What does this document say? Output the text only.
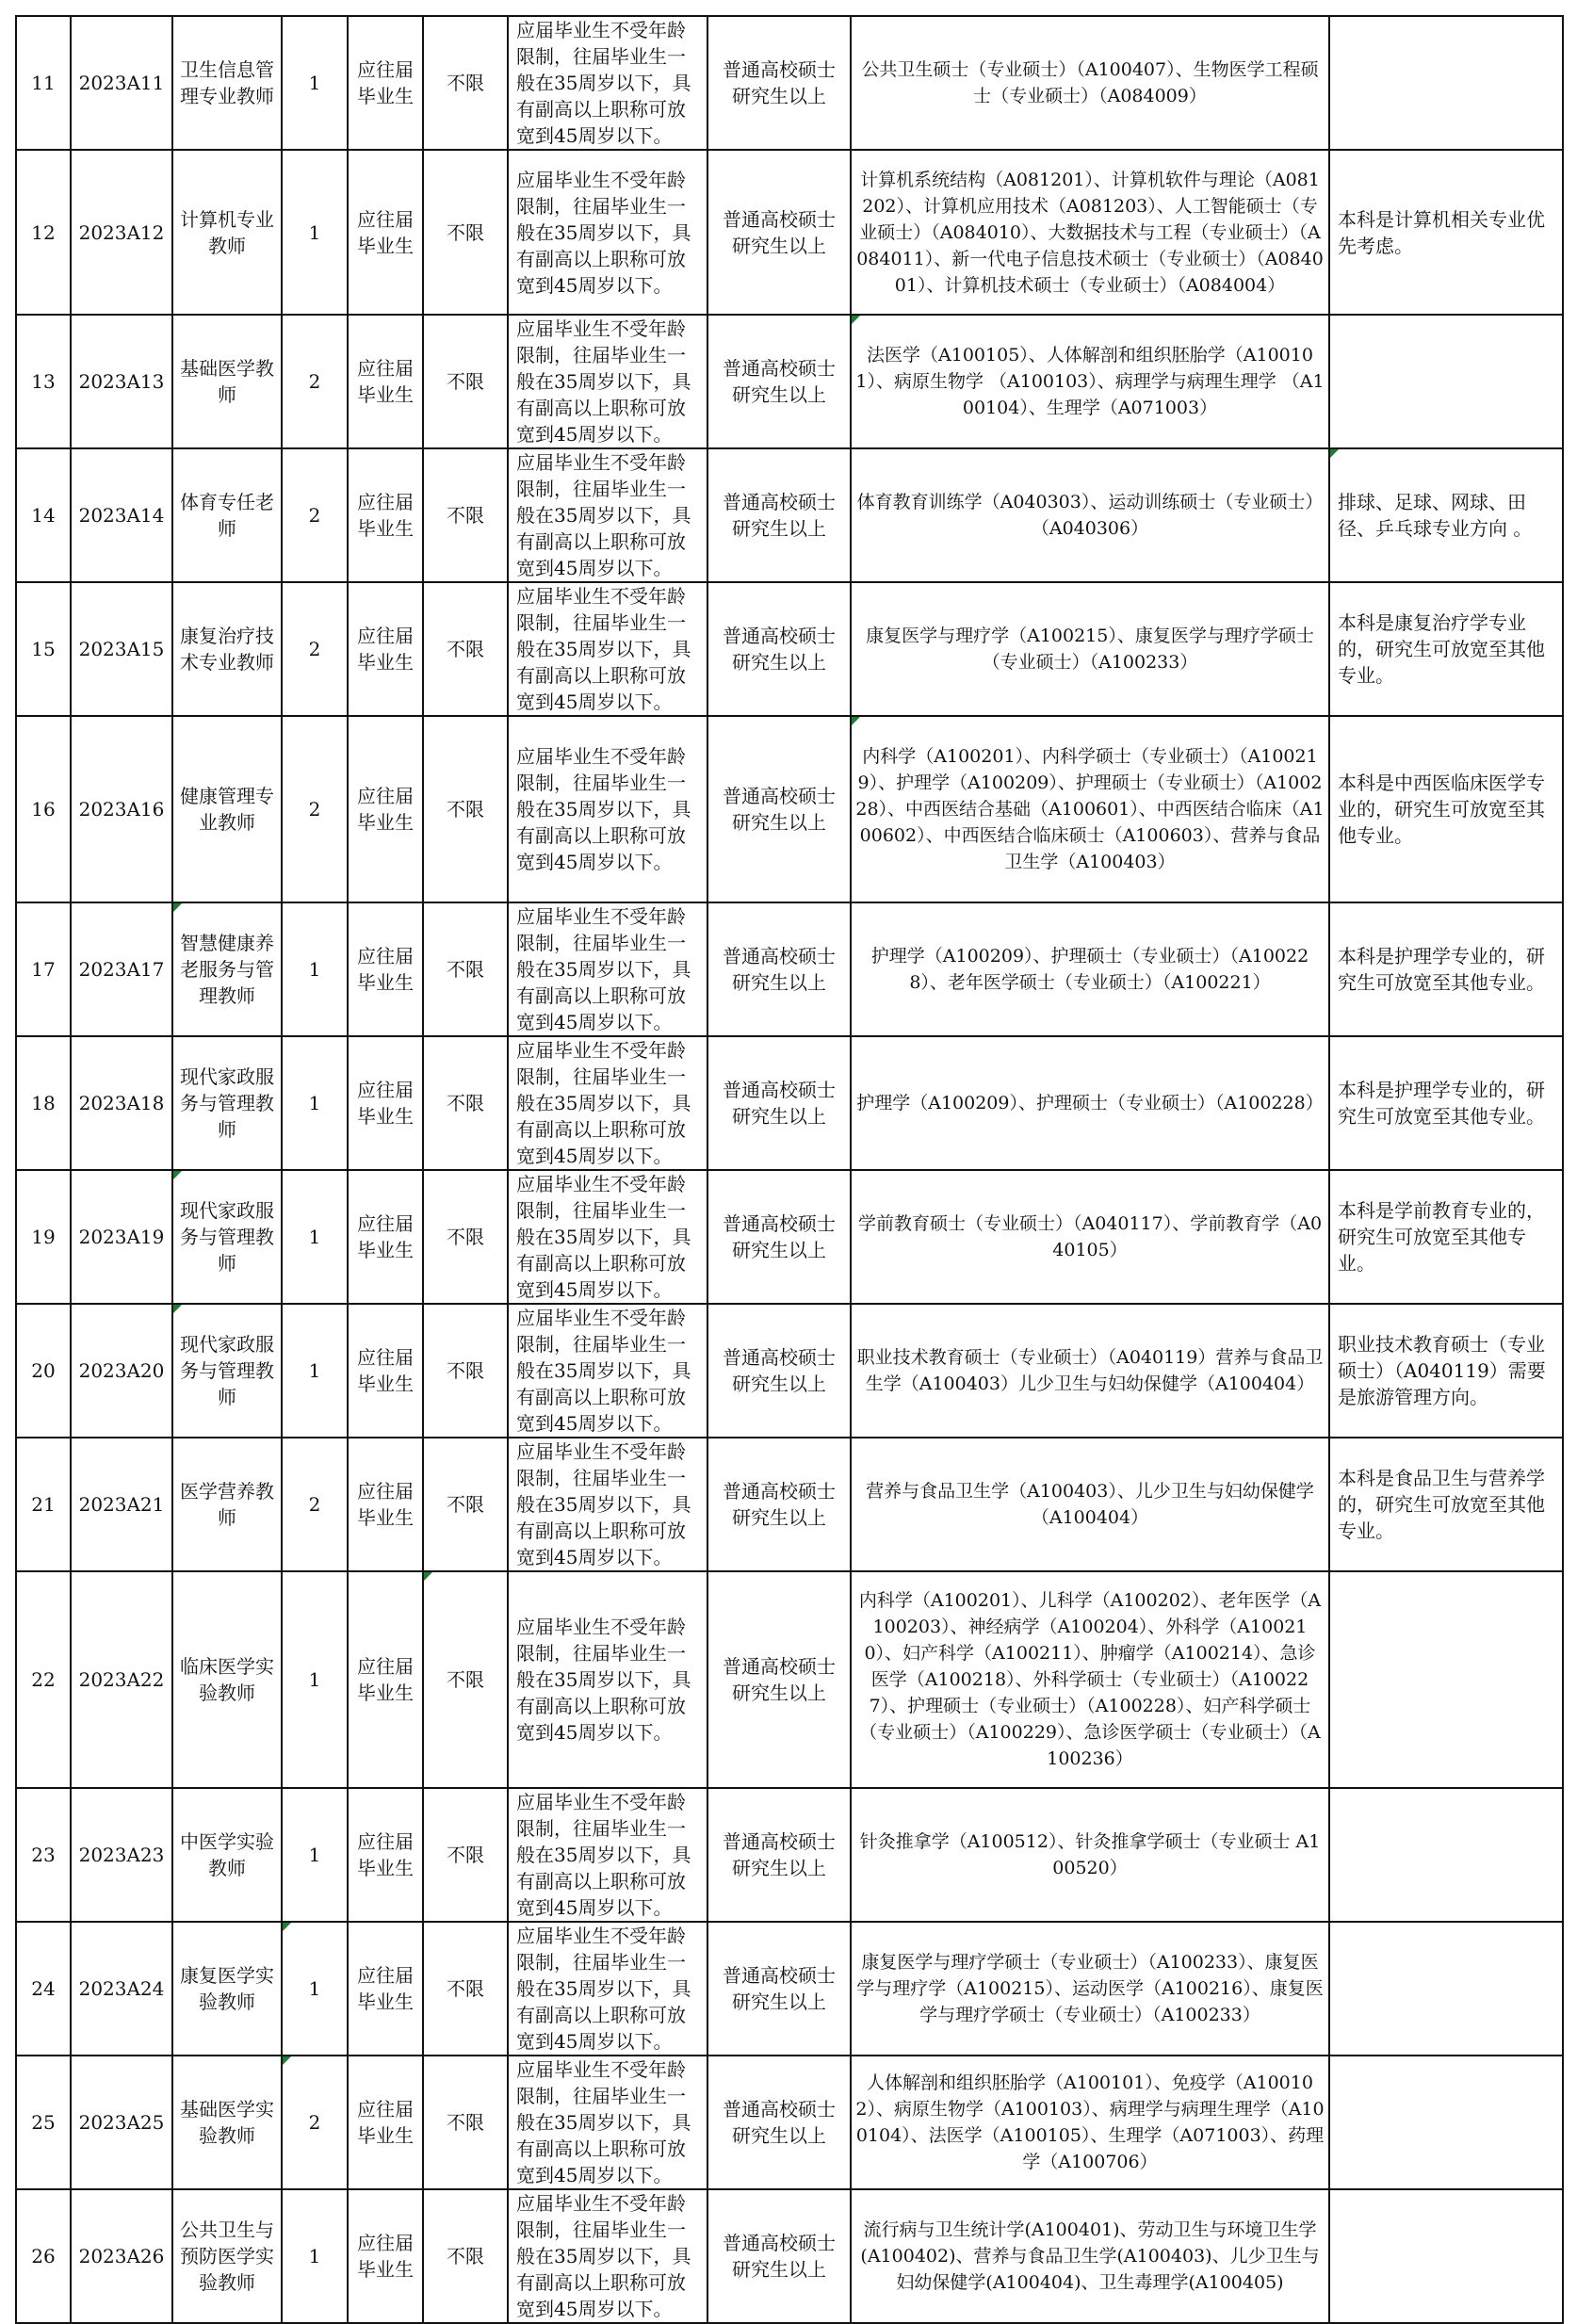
11	2023A11	卫生信息管理专业教师	1	应往届毕业生	不限	应届毕业生不受年龄限制，往届毕业生一般在35周岁以下，具有副高以上职称可放宽到45周岁以下。	普通高校硕士研究生以上	公共卫生硕士（专业硕士）（A100407）、生物医学工程硕士（专业硕士）（A084009）	
12	2023A12	计算机专业教师	1	应往届毕业生	不限	应届毕业生不受年龄限制，往届毕业生一般在35周岁以下，具有副高以上职称可放宽到45周岁以下。	普通高校硕士研究生以上	计算机系统结构（A081201）、计算机软件与理论（A081202）、计算机应用技术（A081203）、人工智能硕士（专业硕士）（A084010）、大数据技术与工程（专业硕士）（A084011）、新一代电子信息技术硕士（专业硕士）（A084001）、计算机技术硕士（专业硕士）（A084004）	本科是计算机相关专业优先考虑。
13	2023A13	基础医学教师	2	应往届毕业生	不限	应届毕业生不受年龄限制，往届毕业生一般在35周岁以下，具有副高以上职称可放宽到45周岁以下。	普通高校硕士研究生以上	法医学（A100105）、人体解剖和组织胚胎学（A100101）、病原生物学 （A100103）、病理学与病理生理学 （A100104）、生理学（A071003）	
14	2023A14	体育专任老师	2	应往届毕业生	不限	应届毕业生不受年龄限制，往届毕业生一般在35周岁以下，具有副高以上职称可放宽到45周岁以下。	普通高校硕士研究生以上	体育教育训练学（A040303）、运动训练硕士（专业硕士）（A040306）	排球、足球、网球、田径、乒乓球专业方向 。
15	2023A15	康复治疗技术专业教师	2	应往届毕业生	不限	应届毕业生不受年龄限制，往届毕业生一般在35周岁以下，具有副高以上职称可放宽到45周岁以下。	普通高校硕士研究生以上	康复医学与理疗学（A100215）、康复医学与理疗学硕士（专业硕士）（A100233）	本科是康复治疗学专业的，研究生可放宽至其他专业。
16	2023A16	健康管理专业教师	2	应往届毕业生	不限	应届毕业生不受年龄限制，往届毕业生一般在35周岁以下，具有副高以上职称可放宽到45周岁以下。	普通高校硕士研究生以上	内科学（A100201）、内科学硕士（专业硕士）（A100219）、护理学（A100209）、护理硕士（专业硕士）（A100228）、中西医结合基础（A100601）、中西医结合临床（A100602）、中西医结合临床硕士（A100603）、营养与食品卫生学（A100403）	本科是中西医临床医学专业的，研究生可放宽至其他专业。
17	2023A17	智慧健康养老服务与管理教师	1	应往届毕业生	不限	应届毕业生不受年龄限制，往届毕业生一般在35周岁以下，具有副高以上职称可放宽到45周岁以下。	普通高校硕士研究生以上	护理学（A100209）、护理硕士（专业硕士）（A100228）、老年医学硕士（专业硕士）（A100221）	本科是护理学专业的，研究生可放宽至其他专业。
18	2023A18	现代家政服务与管理教师	1	应往届毕业生	不限	应届毕业生不受年龄限制，往届毕业生一般在35周岁以下，具有副高以上职称可放宽到45周岁以下。	普通高校硕士研究生以上	护理学（A100209）、护理硕士（专业硕士）（A100228）	本科是护理学专业的，研究生可放宽至其他专业。
19	2023A19	现代家政服务与管理教师	1	应往届毕业生	不限	应届毕业生不受年龄限制，往届毕业生一般在35周岁以下，具有副高以上职称可放宽到45周岁以下。	普通高校硕士研究生以上	学前教育硕士（专业硕士）（A040117）、学前教育学（A040105）	本科是学前教育专业的，研究生可放宽至其他专业。
20	2023A20	现代家政服务与管理教师	1	应往届毕业生	不限	应届毕业生不受年龄限制，往届毕业生一般在35周岁以下，具有副高以上职称可放宽到45周岁以下。	普通高校硕士研究生以上	职业技术教育硕士（专业硕士）（A040119）营养与食品卫生学（A100403）儿少卫生与妇幼保健学（A100404）	职业技术教育硕士（专业硕士）（A040119）需要是旅游管理方向。
21	2023A21	医学营养教师	2	应往届毕业生	不限	应届毕业生不受年龄限制，往届毕业生一般在35周岁以下，具有副高以上职称可放宽到45周岁以下。	普通高校硕士研究生以上	营养与食品卫生学（A100403）、儿少卫生与妇幼保健学（A100404）	本科是食品卫生与营养学的，研究生可放宽至其他专业。
22	2023A22	临床医学实验教师	1	应往届毕业生	不限	应届毕业生不受年龄限制，往届毕业生一般在35周岁以下，具有副高以上职称可放宽到45周岁以下。	普通高校硕士研究生以上	内科学（A100201）、儿科学（A100202）、老年医学（A100203）、神经病学（A100204）、外科学（A100210）、妇产科学（A100211）、肿瘤学（A100214）、急诊医学（A100218）、外科学硕士（专业硕士）（A100227）、护理硕士（专业硕士）（A100228）、妇产科学硕士（专业硕士）（A100229）、急诊医学硕士（专业硕士）（A100236）	
23	2023A23	中医学实验教师	1	应往届毕业生	不限	应届毕业生不受年龄限制，往届毕业生一般在35周岁以下，具有副高以上职称可放宽到45周岁以下。	普通高校硕士研究生以上	针灸推拿学（A100512）、针灸推拿学硕士（专业硕士 A100520）	
24	2023A24	康复医学实验教师	1	应往届毕业生	不限	应届毕业生不受年龄限制，往届毕业生一般在35周岁以下，具有副高以上职称可放宽到45周岁以下。	普通高校硕士研究生以上	康复医学与理疗学硕士（专业硕士）（A100233）、康复医学与理疗学（A100215）、运动医学（A100216）、康复医学与理疗学硕士（专业硕士）（A100233）	
25	2023A25	基础医学实验教师	2	应往届毕业生	不限	应届毕业生不受年龄限制，往届毕业生一般在35周岁以下，具有副高以上职称可放宽到45周岁以下。	普通高校硕士研究生以上	人体解剖和组织胚胎学（A100101）、免疫学（A100102）、病原生物学（A100103）、病理学与病理生理学（A100104）、法医学（A100105）、生理学（A071003）、药理学（A100706）	
26	2023A26	公共卫生与预防医学实验教师	1	应往届毕业生	不限	应届毕业生不受年龄限制，往届毕业生一般在35周岁以下，具有副高以上职称可放宽到45周岁以下。	普通高校硕士研究生以上	流行病与卫生统计学(A100401)、劳动卫生与环境卫生学(A100402)、营养与食品卫生学(A100403)、儿少卫生与妇幼保健学(A100404)、卫生毒理学(A100405)	
